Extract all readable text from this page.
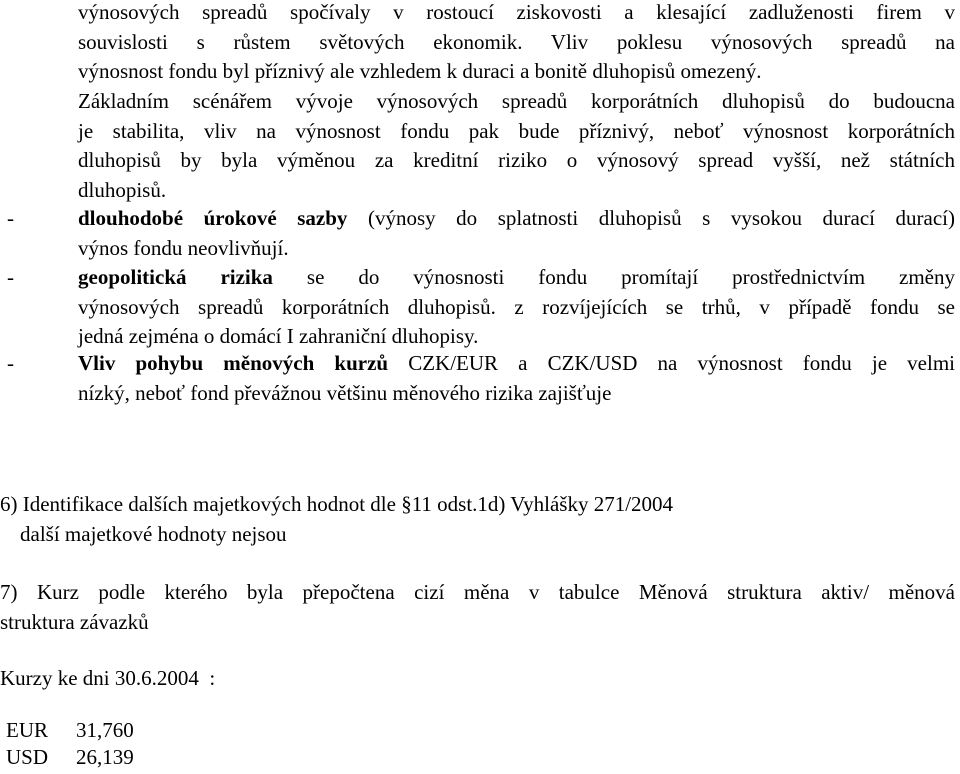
výnosových spreadů spočívaly v rostoucí ziskovosti a klesající zadluženosti firem v
souvislosti s růstem světových ekonomik. Vliv poklesu výnosových spreadů na
výnosnost fondu byl příznivý ale vzhledem k duraci a bonitě dluhopisů omezený.
Základním scénářem vývoje výnosových spreadů korporátních dluhopisů do budoucna
je stabilita, vliv na výnosnost fondu pak bude příznivý, neboť výnosnost korporátních
dluhopisů by byla výměnou za kreditní riziko o výnosový spread vyšší, než státních
dluhopisů.
-	dlouhodobé úrokové sazby (výnosy do splatnosti dluhopisů s vysokou durací durací)
výnos fondu neovlivňují.
-	geopolitická rizika se do výnosnosti fondu promítají prostřednictvím změny
výnosových spreadů korporátních dluhopisů. z rozvíjejících se trhů, v případě fondu se
jedná zejména o domácí I zahraniční dluhopisy.
-	Vliv pohybu měnových kurzů CZK/EUR a CZK/USD na výnosnost fondu je velmi
nízký, neboť fond převážnou většinu měnového rizika zajišťuje
6) Identifikace dalších majetkových hodnot dle §11 odst.1d) Vyhlášky 271/2004
další majetkové hodnoty nejsou
7) Kurz podle kterého byla přepočtena cizí měna v tabulce Měnová struktura aktiv/ měnová
struktura závazků
Kurzy ke dni 30.6.2004  :
EUR 31,760
USD 26,139
